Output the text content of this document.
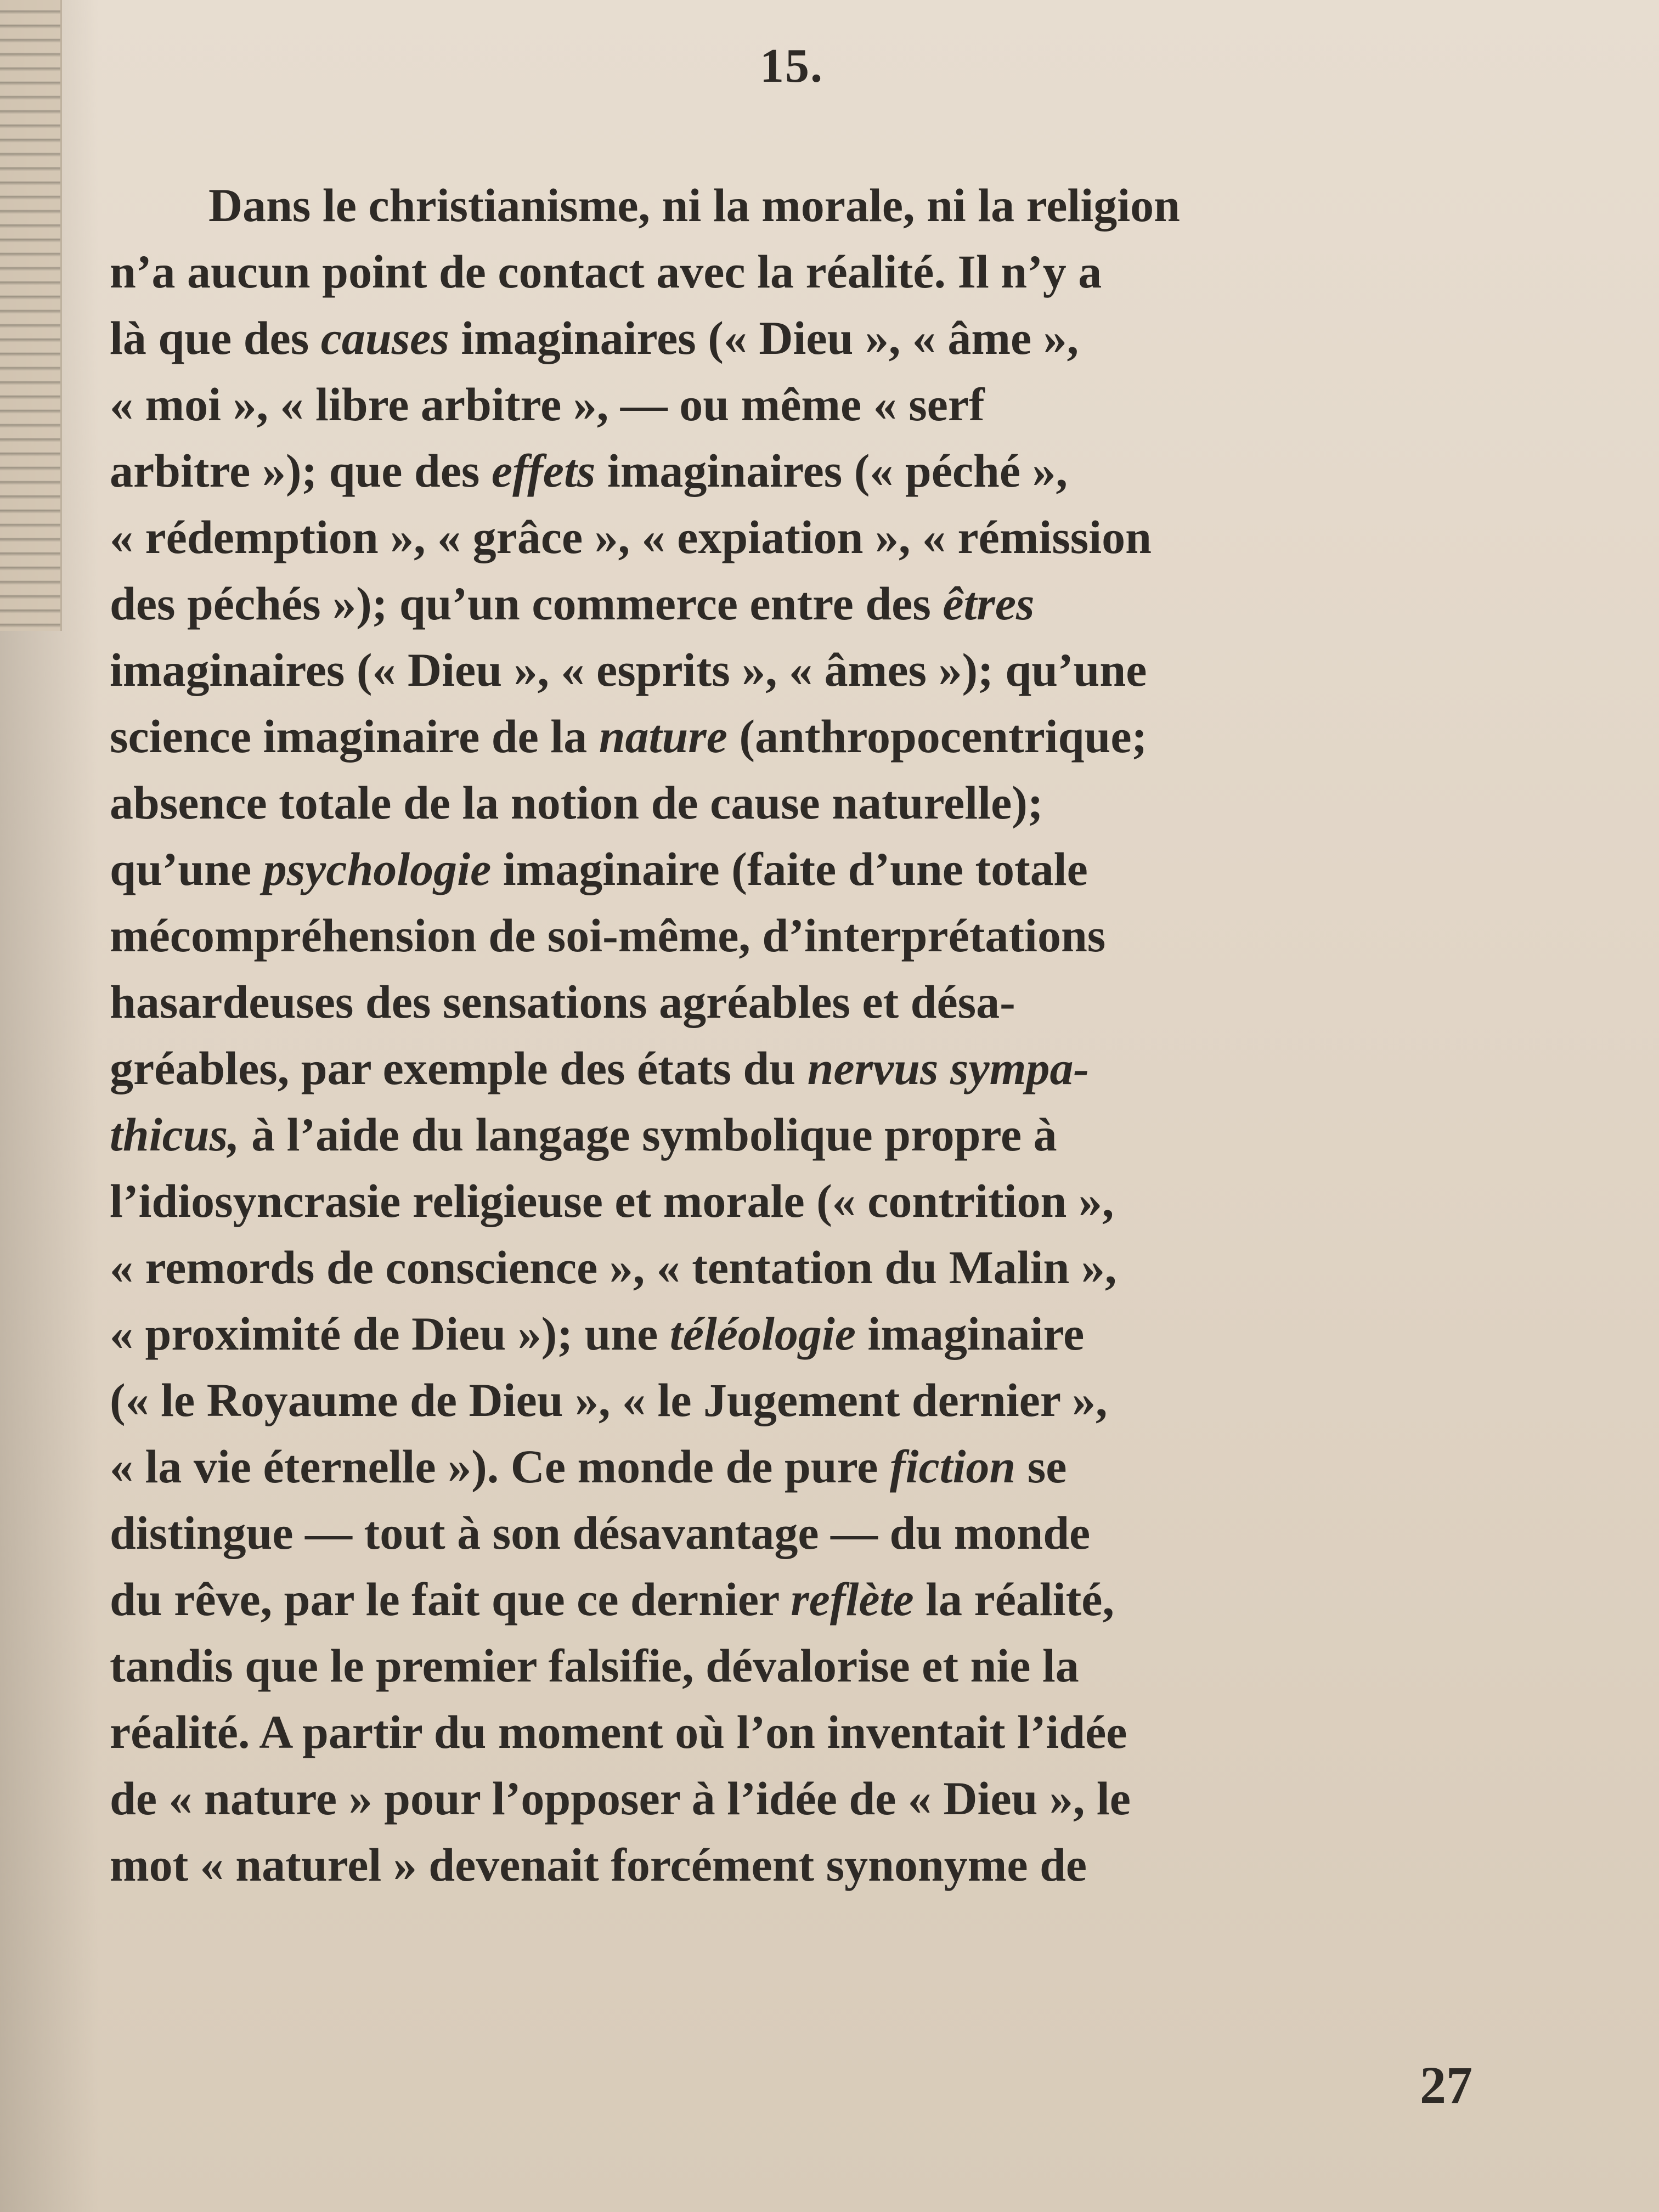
15.
Dans le christianisme, ni la morale, ni la religion
n’a aucun point de contact avec la réalité. Il n’y a
là que des causes imaginaires (« Dieu », « âme »,
« moi », « libre arbitre », — ou même « serf
arbitre »); que des effets imaginaires (« péché »,
« rédemption », « grâce », « expiation », « rémission
des péchés »); qu’un commerce entre des êtres
imaginaires (« Dieu », « esprits », « âmes »); qu’une
science imaginaire de la nature (anthropocentrique;
absence totale de la notion de cause naturelle);
qu’une psychologie imaginaire (faite d’une totale
mécompréhension de soi-même, d’interprétations
hasardeuses des sensations agréables et désa-
gréables, par exemple des états du nervus sympa-
thicus, à l’aide du langage symbolique propre à
l’idiosyncrasie religieuse et morale (« contrition »,
« remords de conscience », « tentation du Malin »,
« proximité de Dieu »); une téléologie imaginaire
(« le Royaume de Dieu », « le Jugement dernier »,
« la vie éternelle »). Ce monde de pure fiction se
distingue — tout à son désavantage — du monde
du rêve, par le fait que ce dernier reflète la réalité,
tandis que le premier falsifie, dévalorise et nie la
réalité. A partir du moment où l’on inventait l’idée
de « nature » pour l’opposer à l’idée de « Dieu », le
mot « naturel » devenait forcément synonyme de
27
